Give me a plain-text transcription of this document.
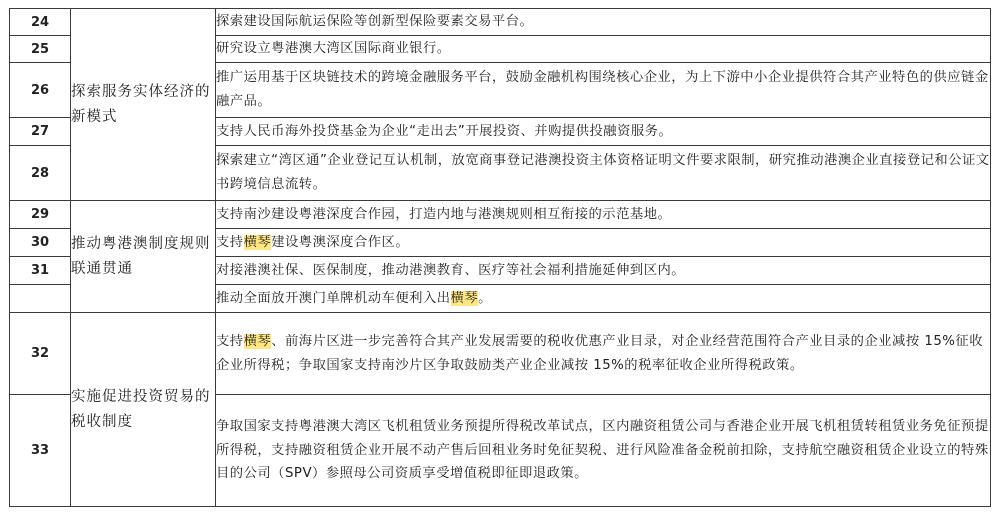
24	探索服务实体经济的新模式	探索建设国际航运保险等创新型保险要素交易平台。
25		研究设立粤港澳大湾区国际商业银行。
26		推广运用基于区块链技术的跨境金融服务平台，鼓励金融机构围绕核心企业，为上下游中小企业提供符合其产业特色的供应链金融产品。
27		支持人民币海外投贷基金为企业“走出去”开展投资、并购提供投融资服务。
28		探索建立“湾区通”企业登记互认机制，放宽商事登记港澳投资主体资格证明文件要求限制，研究推动港澳企业直接登记和公证文书跨境信息流转。
29	推动粤港澳制度规则联通贯通	支持南沙建设粤港深度合作园，打造内地与港澳规则相互衔接的示范基地。
30		支持横琴建设粤澳深度合作区。
31		对接港澳社保、医保制度，推动港澳教育、医疗等社会福利措施延伸到区内。
		推动全面放开澳门单牌机动车便利入出横琴。
32	实施促进投资贸易的税收制度	支持横琴、前海片区进一步完善符合其产业发展需要的税收优惠产业目录，对企业经营范围符合产业目录的企业减按 15%征收企业所得税；争取国家支持南沙片区争取鼓励类产业企业减按 15%的税率征收企业所得税政策。
33		争取国家支持粤港澳大湾区飞机租赁业务预提所得税改革试点，区内融资租赁公司与香港企业开展飞机租赁转租赁业务免征预提所得税，支持融资租赁企业开展不动产售后回租业务时免征契税、进行风险准备金税前扣除，支持航空融资租赁企业设立的特殊目的公司（SPV）参照母公司资质享受增值税即征即退政策。
